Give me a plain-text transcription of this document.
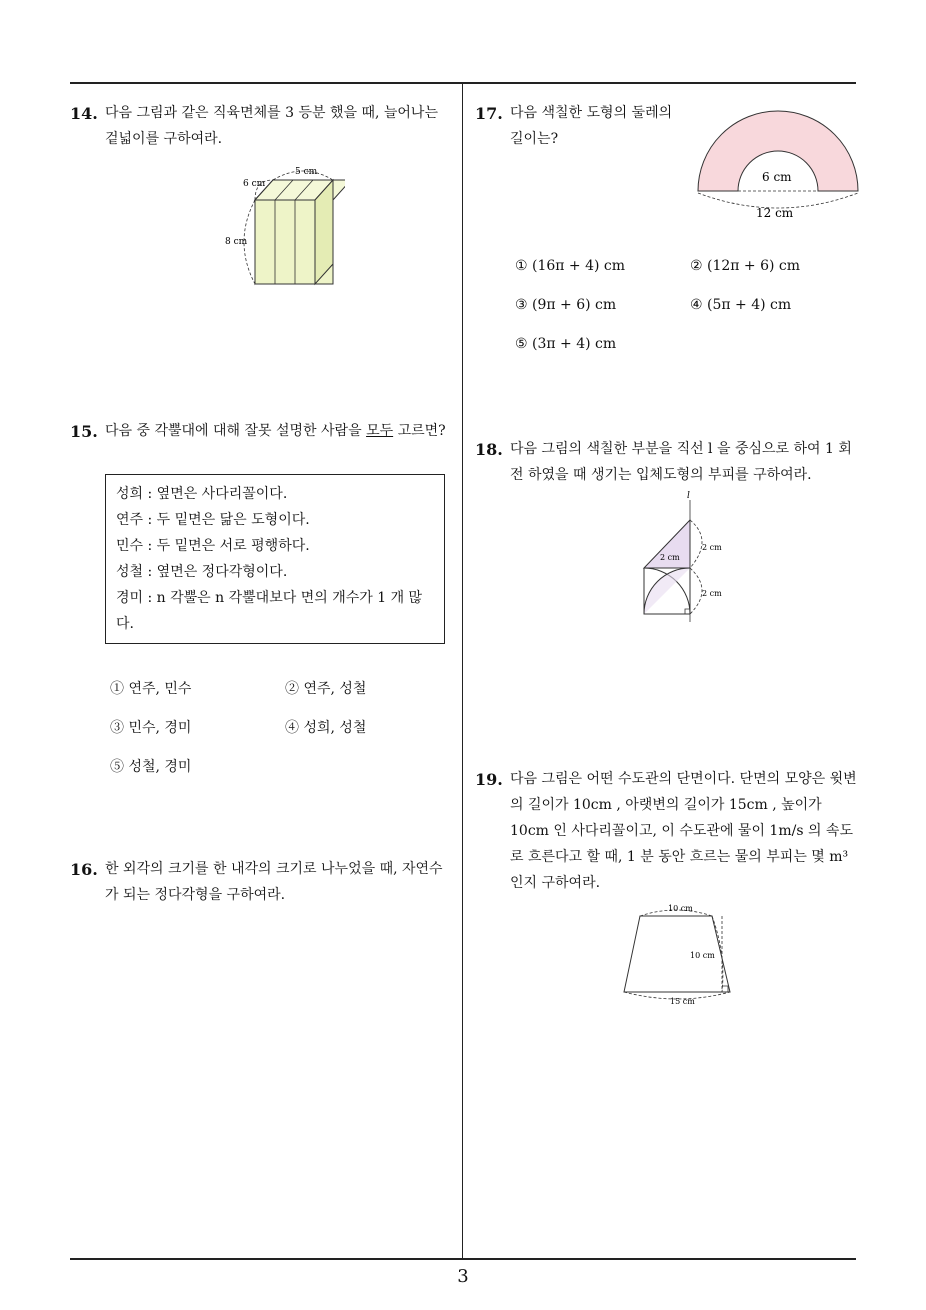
14. 다음 그림과 같은 직육면체를 3 등분 했을 때, 늘어나는 겉넓이를 구하여라.
5 cm
6 cm
8 cm
15. 다음 중 각뿔대에 대해 잘못 설명한 사람을 모두 고르면?
성희 : 옆면은 사다리꼴이다.
연주 : 두 밑면은 닮은 도형이다.
민수 : 두 밑면은 서로 평행하다.
성철 : 옆면은 정다각형이다.
경미 : n 각뿔은 n 각뿔대보다 면의 개수가 1 개 많다.
① 연주, 민수	② 연주, 성철
③ 민수, 경미	④ 성희, 성철
⑤ 성철, 경미
16. 한 외각의 크기를 한 내각의 크기로 나누었을 때, 자연수가 되는 정다각형을 구하여라.
17. 다음 색칠한 도형의 둘레의 길이는?
6 cm
12 cm
① (16π + 4) cm	② (12π + 6) cm
③ (9π + 6) cm	④ (5π + 4) cm
⑤ (3π + 4) cm
18. 다음 그림의 색칠한 부분을 직선 l 을 중심으로 하여 1 회전 하였을 때 생기는 입체도형의 부피를 구하여라.
l
2 cm
2 cm
2 cm
19. 다음 그림은 어떤 수도관의 단면이다. 단면의 모양은 윗변의 길이가 10cm , 아랫변의 길이가 15cm , 높이가 10cm 인 사다리꼴이고, 이 수도관에 물이 1m/s 의 속도로 흐른다고 할 때, 1 분 동안 흐르는 물의 부피는 몇 m³ 인지 구하여라.
10 cm
10 cm
15 cm
3
